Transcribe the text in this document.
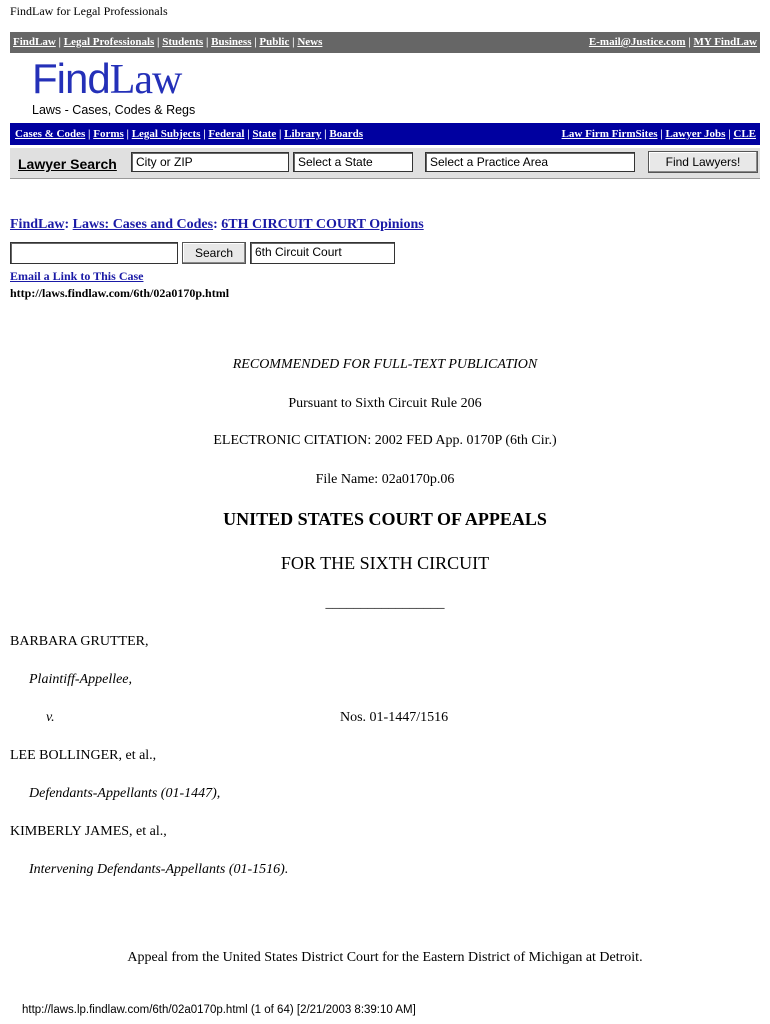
FindLaw for Legal Professionals
FindLaw | Legal Professionals | Students | Business | Public | News	E-mail@Justice.com | MY FindLaw
FindLaw
Laws - Cases, Codes & Regs
Cases & Codes | Forms | Legal Subjects | Federal | State | Library | Boards	Law Firm FirmSites | Lawyer Jobs | CLE
Lawyer Search	City or ZIP	Select a State	Select a Practice Area	Find Lawyers!
FindLaw: Laws: Cases and Codes: 6TH CIRCUIT COURT Opinions
Search	6th Circuit Court
Email a Link to This Case
http://laws.findlaw.com/6th/02a0170p.html
RECOMMENDED FOR FULL-TEXT PUBLICATION
Pursuant to Sixth Circuit Rule 206
ELECTRONIC CITATION: 2002 FED App. 0170P (6th Cir.)
File Name: 02a0170p.06
UNITED STATES COURT OF APPEALS
FOR THE SIXTH CIRCUIT
_________________
BARBARA GRUTTER,
Plaintiff-Appellee,
v.	Nos. 01-1447/1516
LEE BOLLINGER, et al.,
Defendants-Appellants (01-1447),
KIMBERLY JAMES, et al.,
Intervening Defendants-Appellants (01-1516).
Appeal from the United States District Court for the Eastern District of Michigan at Detroit.
http://laws.lp.findlaw.com/6th/02a0170p.html (1 of 64) [2/21/2003 8:39:10 AM]
